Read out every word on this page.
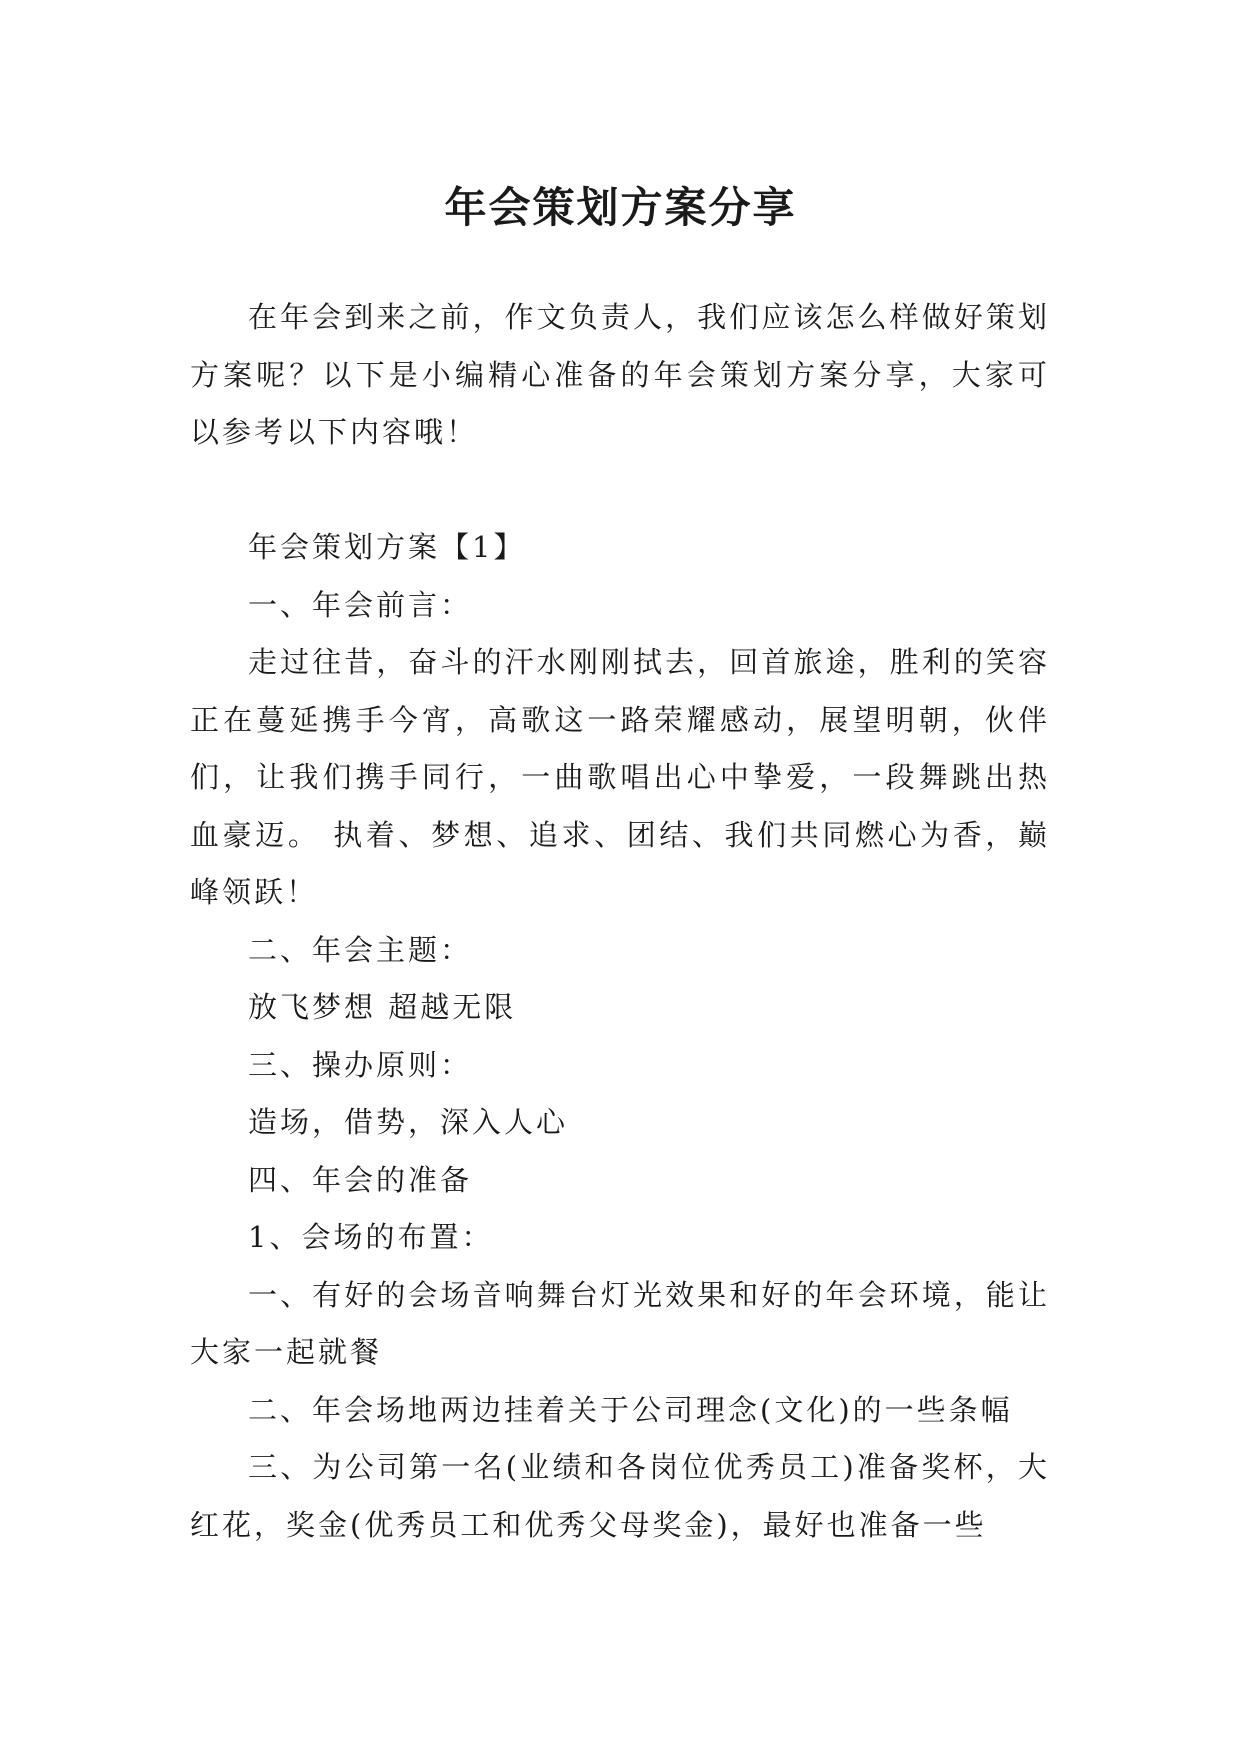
年会策划方案分享

在年会到来之前，作文负责人，我们应该怎么样做好策划方案呢？以下是小编精心准备的年会策划方案分享，大家可以参考以下内容哦！

年会策划方案【1】

一、年会前言：

走过往昔，奋斗的汗水刚刚拭去，回首旅途，胜利的笑容正在蔓延携手今宵，高歌这一路荣耀感动，展望明朝，伙伴们，让我们携手同行，一曲歌唱出心中挚爱，一段舞跳出热血豪迈。 执着、梦想、追求、团结、我们共同燃心为香，巅峰领跃！

二、年会主题：

放飞梦想 超越无限

三、操办原则：

造场，借势，深入人心

四、年会的准备

1、会场的布置：

一、有好的会场音响舞台灯光效果和好的年会环境，能让大家一起就餐

二、年会场地两边挂着关于公司理念(文化)的一些条幅

三、为公司第一名(业绩和各岗位优秀员工)准备奖杯，大红花，奖金(优秀员工和优秀父母奖金)，最好也准备一些
